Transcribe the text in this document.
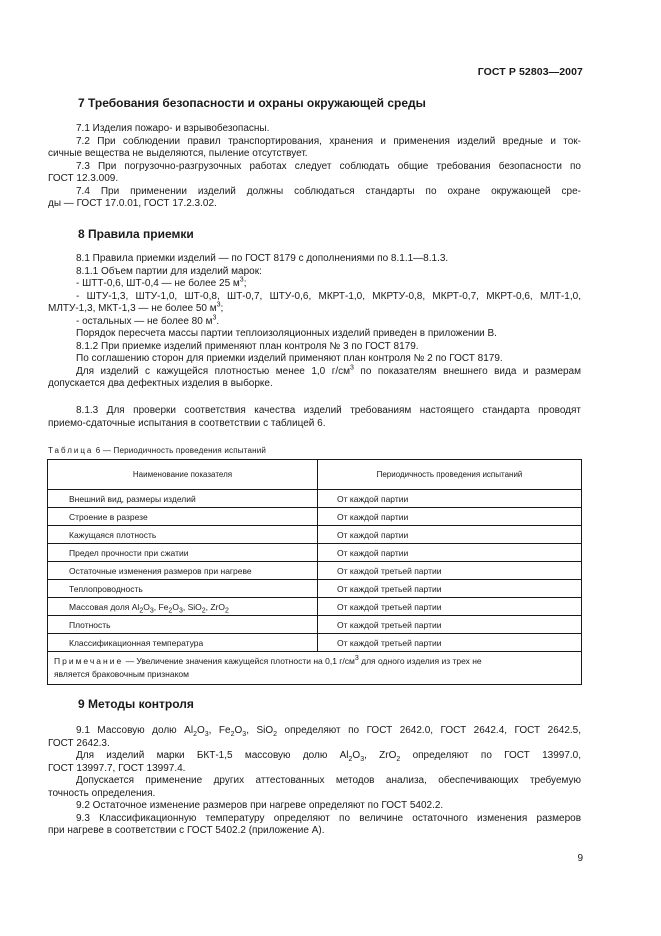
ГОСТ Р 52803—2007
7 Требования безопасности и охраны окружающей среды
7.1 Изделия пожаро- и взрывобезопасны.
7.2 При соблюдении правил транспортирования, хранения и применения изделий вредные и ток-
сичные вещества не выделяются, пыление отсутствует.
7.3 При погрузочно-разгрузочных работах следует соблюдать общие требования безопасности по
ГОСТ 12.3.009.
7.4 При применении изделий должны соблюдаться стандарты по охране окружающей сре-
ды — ГОСТ 17.0.01, ГОСТ 17.2.3.02.
8 Правила приемки
8.1 Правила приемки изделий — по ГОСТ 8179 с дополнениями по 8.1.1—8.1.3.
8.1.1 Объем партии для изделий марок:
- ШТТ-0,6, ШТ-0,4 — не более 25 $м^3$;
- ШТУ-1,3, ШТУ-1,0, ШТ-0,8, ШТ-0,7, ШТУ-0,6, МКРТ-1,0, МКРТУ-0,8, МКРТ-0,7, МКРТ-0,6, МЛТ-1,0,
МЛТУ-1,3, МКТ-1,3 — не более 50 $м^3$;
- остальных — не более 80 $м^3$.
Порядок пересчета массы партии теплоизоляционных изделий приведен в приложении В.
8.1.2 При приемке изделий применяют план контроля № 3 по ГОСТ 8179.
По соглашению сторон для приемки изделий применяют план контроля № 2 по ГОСТ 8179.
Для изделий с кажущейся плотностью менее 1,0 $г/см^3$ по показателям внешнего вида и размерам
допускается два дефектных изделия в выборке.
8.1.3 Для проверки соответствия качества изделий требованиям настоящего стандарта проводят
приемо-сдаточные испытания в соответствии с таблицей 6.
Таблица 6 — Периодичность проведения испытаний
Наименование показателя	Периодичность проведения испытаний
Внешний вид, размеры изделий	От каждой партии
Строение в разрезе	От каждой партии
Кажущаяся плотность	От каждой партии
Предел прочности при сжатии	От каждой партии
Остаточные изменения размеров при нагреве	От каждой третьей партии
Теплопроводность	От каждой третьей партии
Массовая доля $Al_2O_3$, $Fe_2O_3$, SiO$_2$, ZrO$_2$	От каждой третьей партии
Плотность	От каждой третьей партии
Классификационная температура	От каждой третьей партии
Примечание — Увеличение значения кажущейся плотности на 0,1 $г/см^3$ для одного изделия из трех не
является браковочным признаком	
9 Методы контроля
9.1 Массовую долю $Al_2O_3$, $Fe_2O_3$, SiO$_2$ определяют по ГОСТ 2642.0, ГОСТ 2642.4, ГОСТ 2642.5,
ГОСТ 2642.3.
Для изделий марки БКТ-1,5 массовую долю $Al_2O_3$, ZrO$_2$ определяют по ГОСТ 13997.0,
ГОСТ 13997.7, ГОСТ 13997.4.
Допускается применение других аттестованных методов анализа, обеспечивающих требуемую
точность определения.
9.2 Остаточное изменение размеров при нагреве определяют по ГОСТ 5402.2.
9.3 Классификационную температуру определяют по величине остаточного изменения размеров
при нагреве в соответствии с ГОСТ 5402.2 (приложение А).
9
